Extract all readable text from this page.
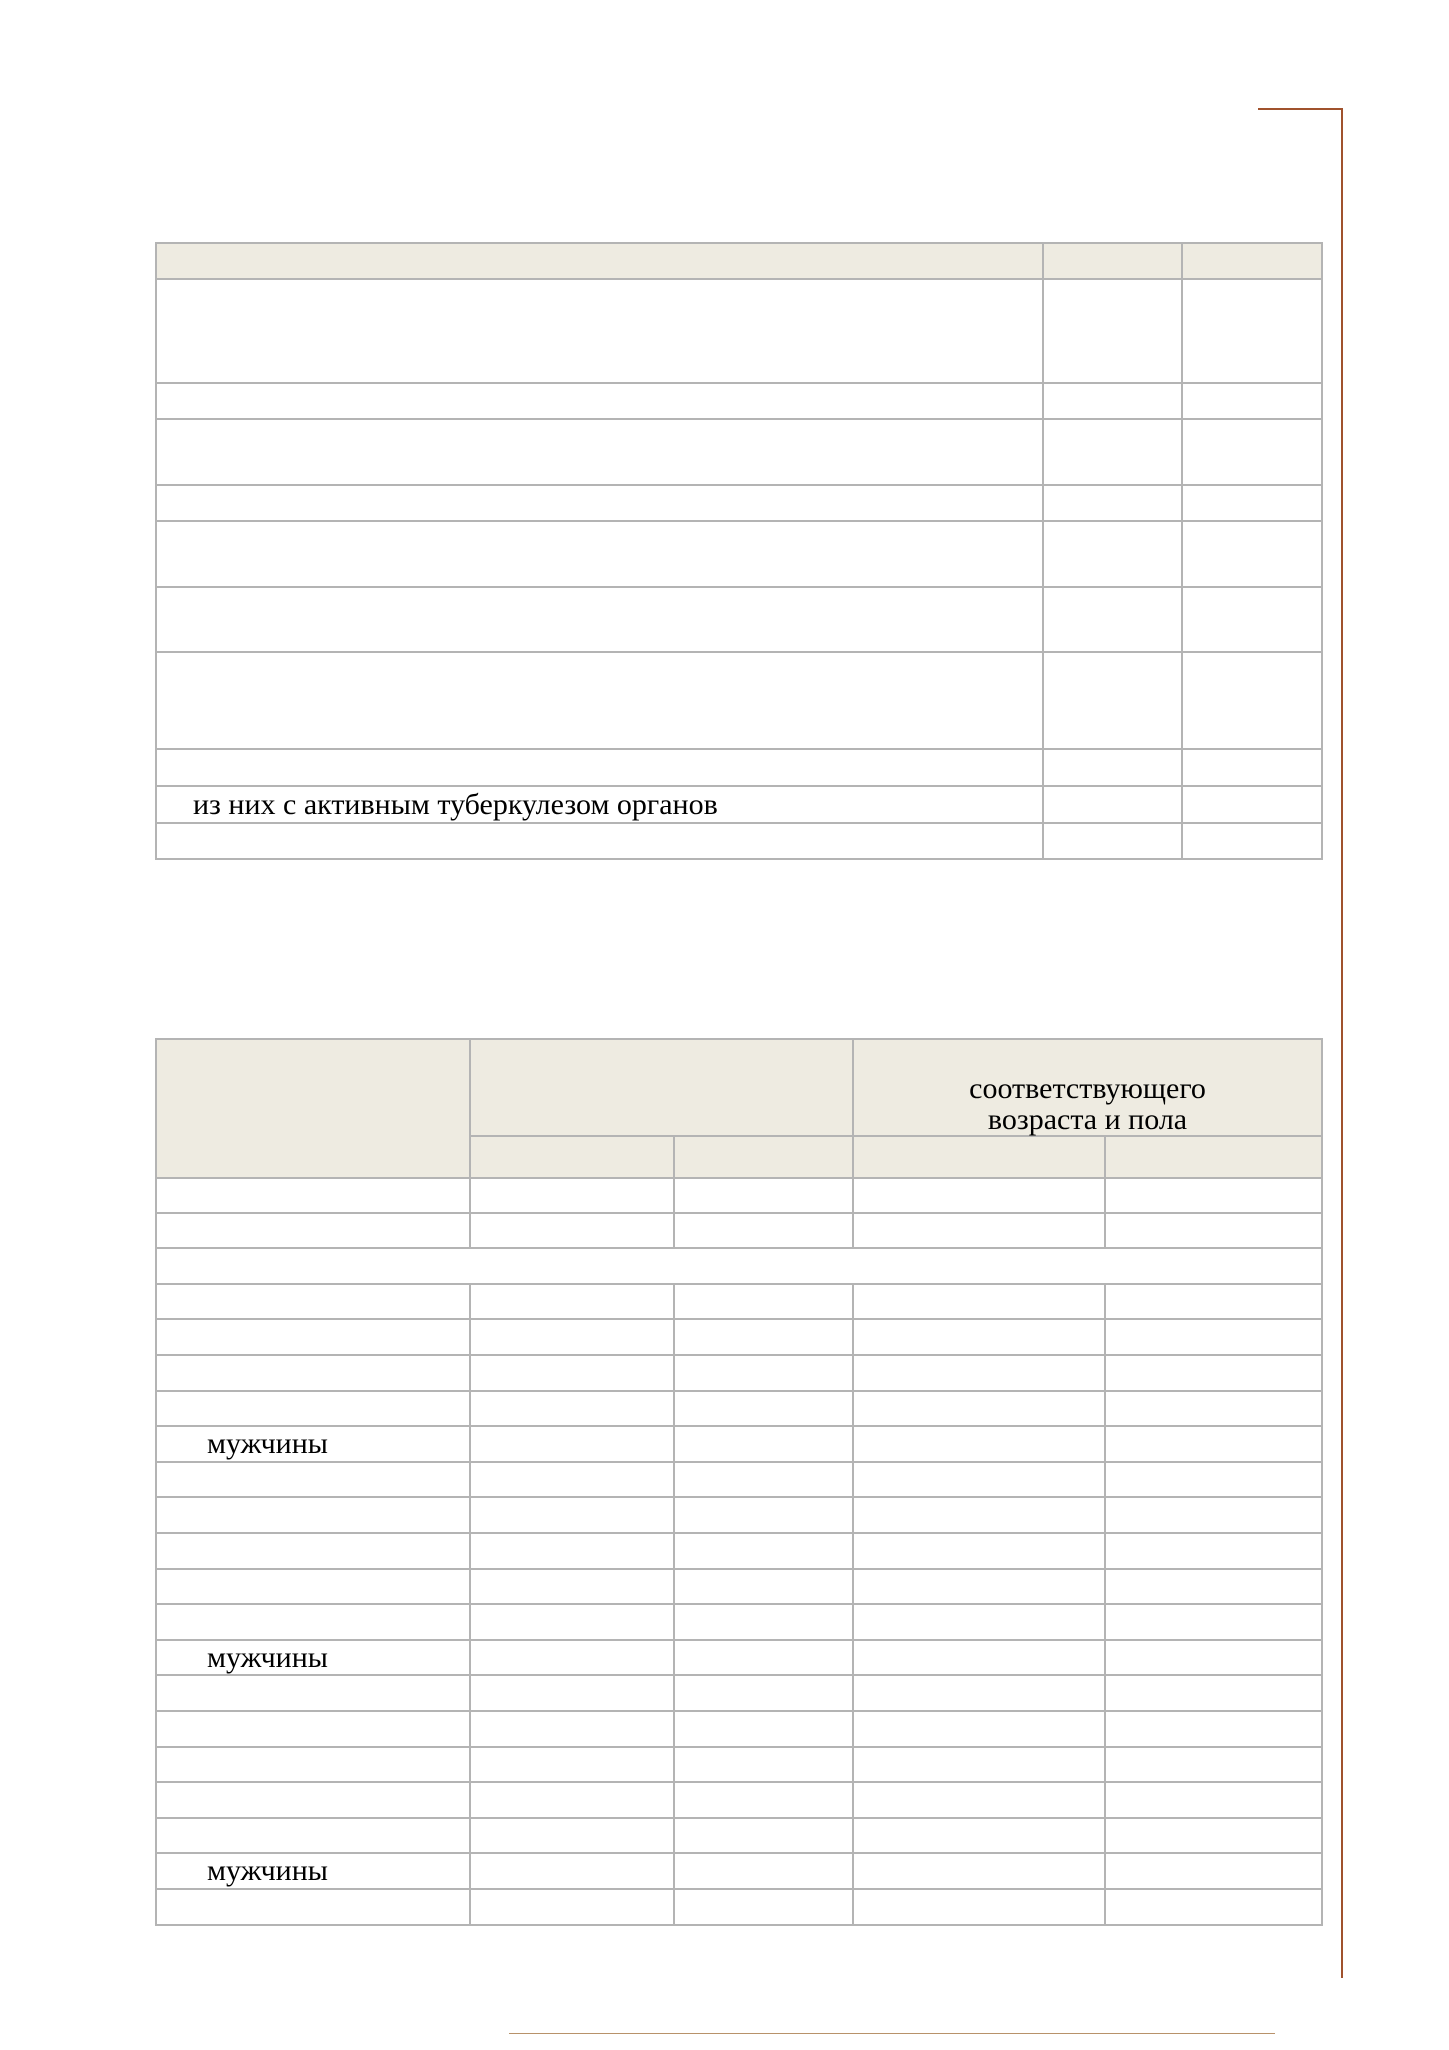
из них с активным туберкулезом органов		

			соответствующего
возраста и пола	

мужчины				

мужчины				

мужчины				
